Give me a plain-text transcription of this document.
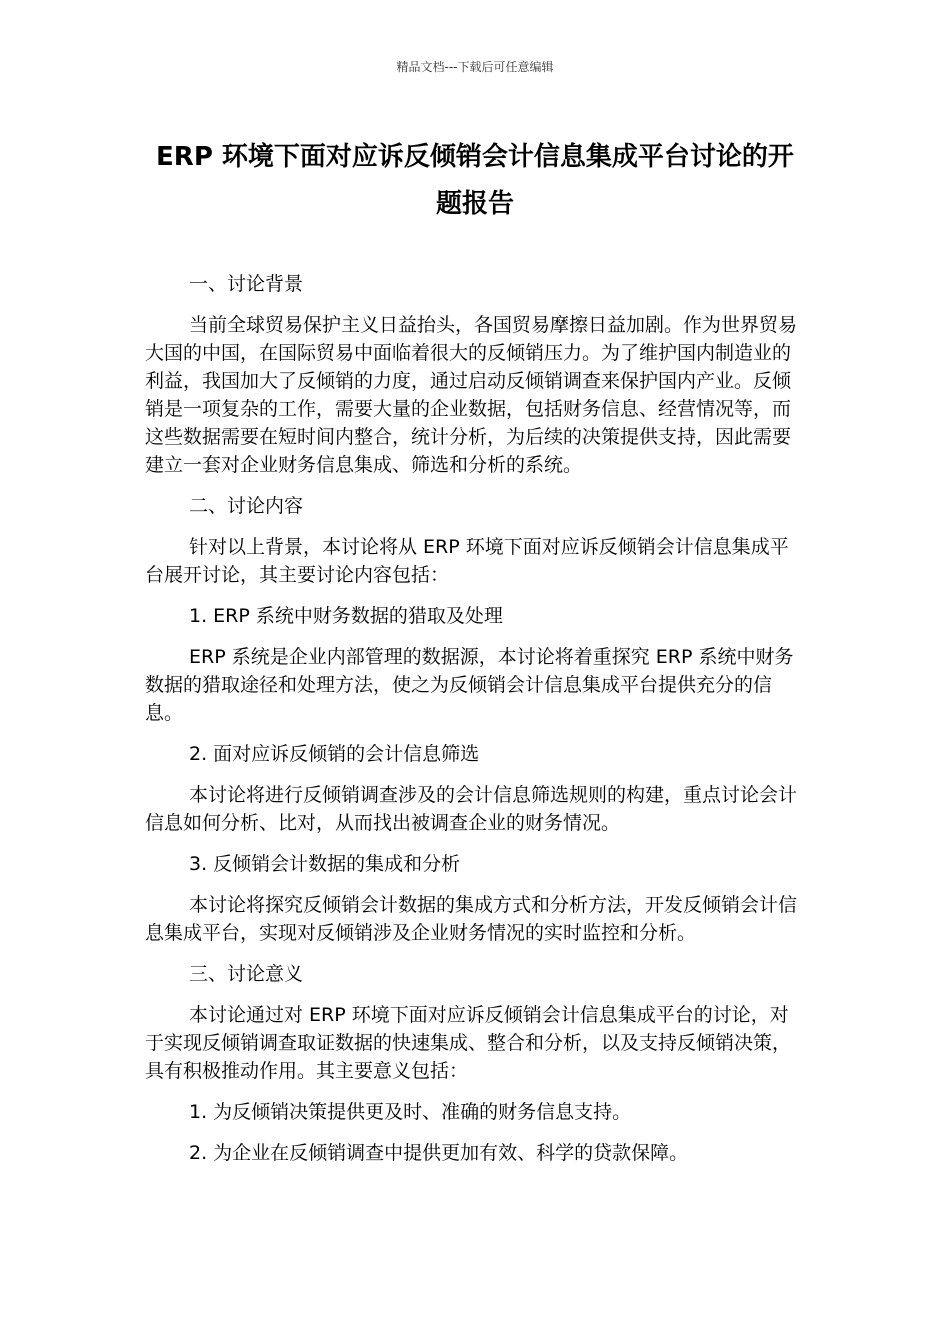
精品文档---下载后可任意编辑
ERP 环境下面对应诉反倾销会计信息集成平台讨论的开题报告

一、讨论背景

当前全球贸易保护主义日益抬头，各国贸易摩擦日益加剧。作为世界贸易大国的中国，在国际贸易中面临着很大的反倾销压力。为了维护国内制造业的利益，我国加大了反倾销的力度，通过启动反倾销调查来保护国内产业。反倾销是一项复杂的工作，需要大量的企业数据，包括财务信息、经营情况等，而这些数据需要在短时间内整合，统计分析，为后续的决策提供支持，因此需要建立一套对企业财务信息集成、筛选和分析的系统。

二、讨论内容

针对以上背景，本讨论将从 ERP 环境下面对应诉反倾销会计信息集成平台展开讨论，其主要讨论内容包括：

1. ERP 系统中财务数据的猎取及处理

ERP 系统是企业内部管理的数据源，本讨论将着重探究 ERP 系统中财务数据的猎取途径和处理方法，使之为反倾销会计信息集成平台提供充分的信息。

2. 面对应诉反倾销的会计信息筛选

本讨论将进行反倾销调查涉及的会计信息筛选规则的构建，重点讨论会计信息如何分析、比对，从而找出被调查企业的财务情况。

3. 反倾销会计数据的集成和分析

本讨论将探究反倾销会计数据的集成方式和分析方法，开发反倾销会计信息集成平台，实现对反倾销涉及企业财务情况的实时监控和分析。

三、讨论意义

本讨论通过对 ERP 环境下面对应诉反倾销会计信息集成平台的讨论，对于实现反倾销调查取证数据的快速集成、整合和分析，以及支持反倾销决策，具有积极推动作用。其主要意义包括：

1. 为反倾销决策提供更及时、准确的财务信息支持。

2. 为企业在反倾销调查中提供更加有效、科学的贷款保障。
